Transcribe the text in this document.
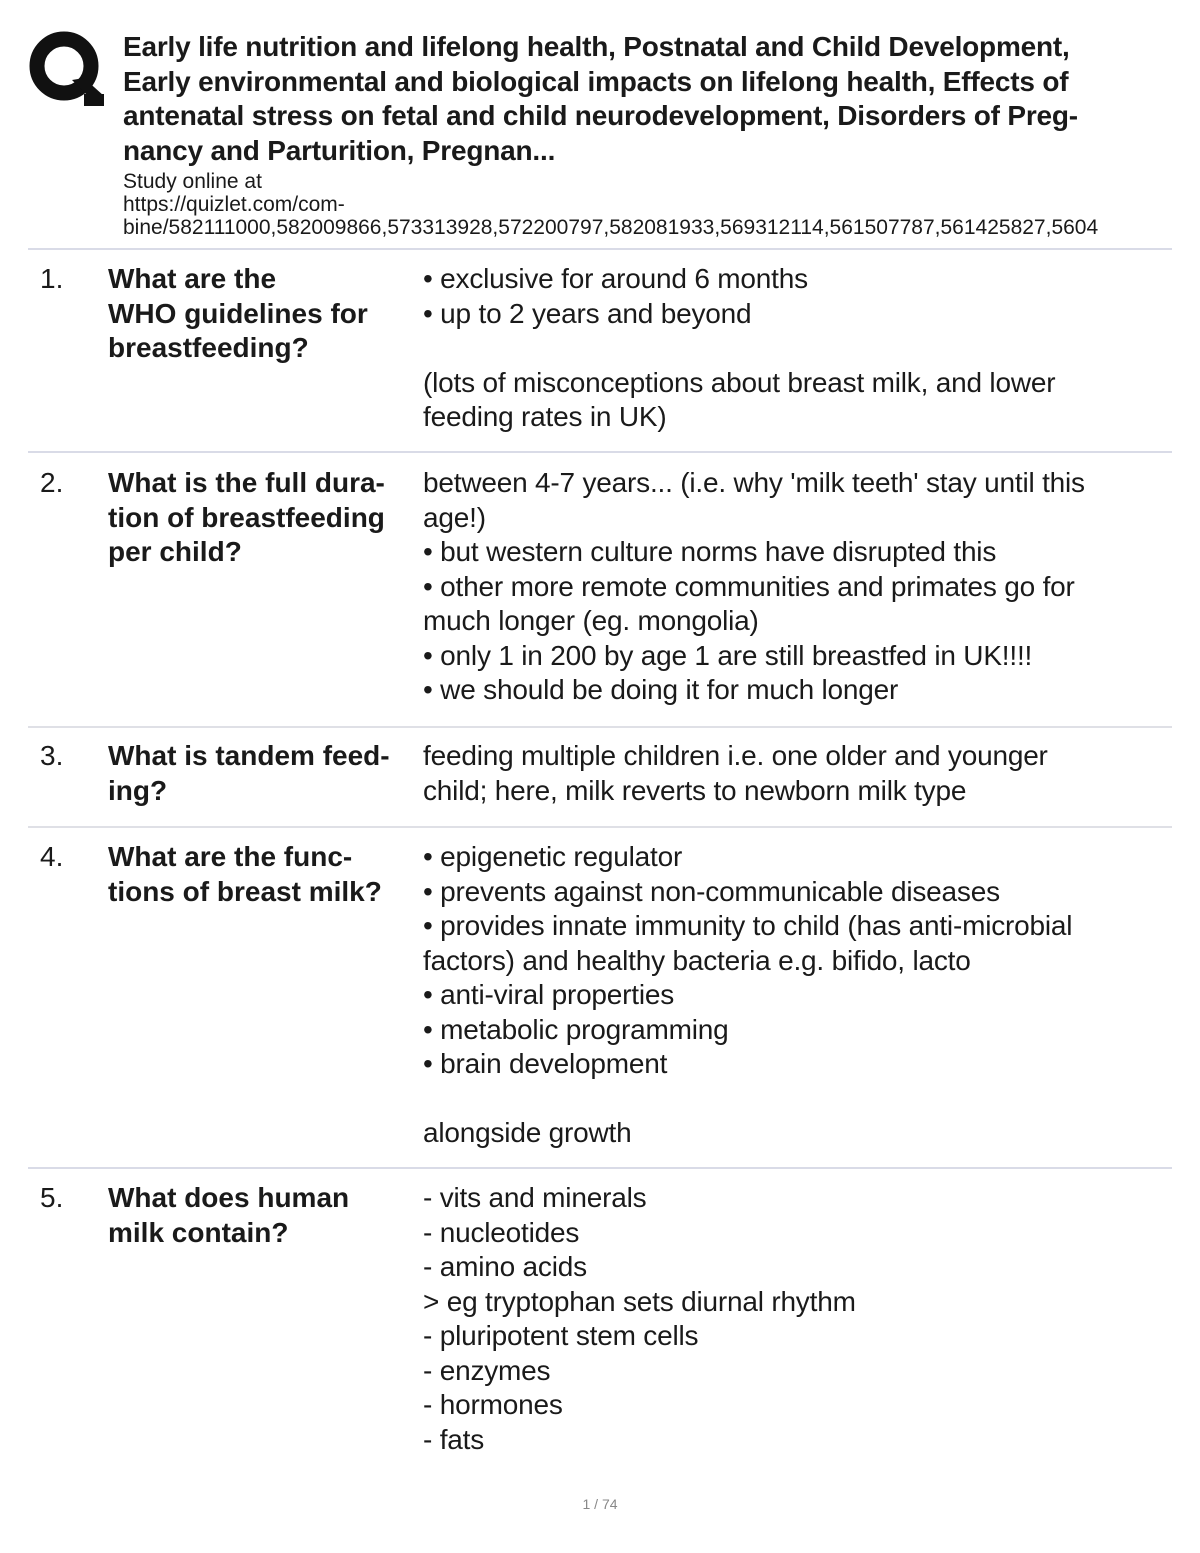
Early life nutrition and lifelong health, Postnatal and Child Development,
Early environmental and biological impacts on lifelong health, Effects of
antenatal stress on fetal and child neurodevelopment, Disorders of Preg-
nancy and Parturition, Pregnan...
Study online at
https://quizlet.com/com-
bine/582111000,582009866,573313928,572200797,582081933,569312114,561507787,561425827,5604
1. What are the
WHO guidelines for
breastfeeding?
• exclusive for around 6 months
• up to 2 years and beyond

(lots of misconceptions about breast milk, and lower
feeding rates in UK)
2. What is the full dura-
tion of breastfeeding
per child?
between 4-7 years... (i.e. why 'milk teeth' stay until this
age!)
• but western culture norms have disrupted this
• other more remote communities and primates go for
much longer (eg. mongolia)
• only 1 in 200 by age 1 are still breastfed in UK!!!!
• we should be doing it for much longer
3. What is tandem feed-
ing?
feeding multiple children i.e. one older and younger
child; here, milk reverts to newborn milk type
4. What are the func-
tions of breast milk?
• epigenetic regulator
• prevents against non-communicable diseases
• provides innate immunity to child (has anti-microbial
factors) and healthy bacteria e.g. bifido, lacto
• anti-viral properties
• metabolic programming
• brain development

alongside growth
5. What does human
milk contain?
- vits and minerals
- nucleotides
- amino acids
> eg tryptophan sets diurnal rhythm
- pluripotent stem cells
- enzymes
- hormones
- fats
1 / 74
